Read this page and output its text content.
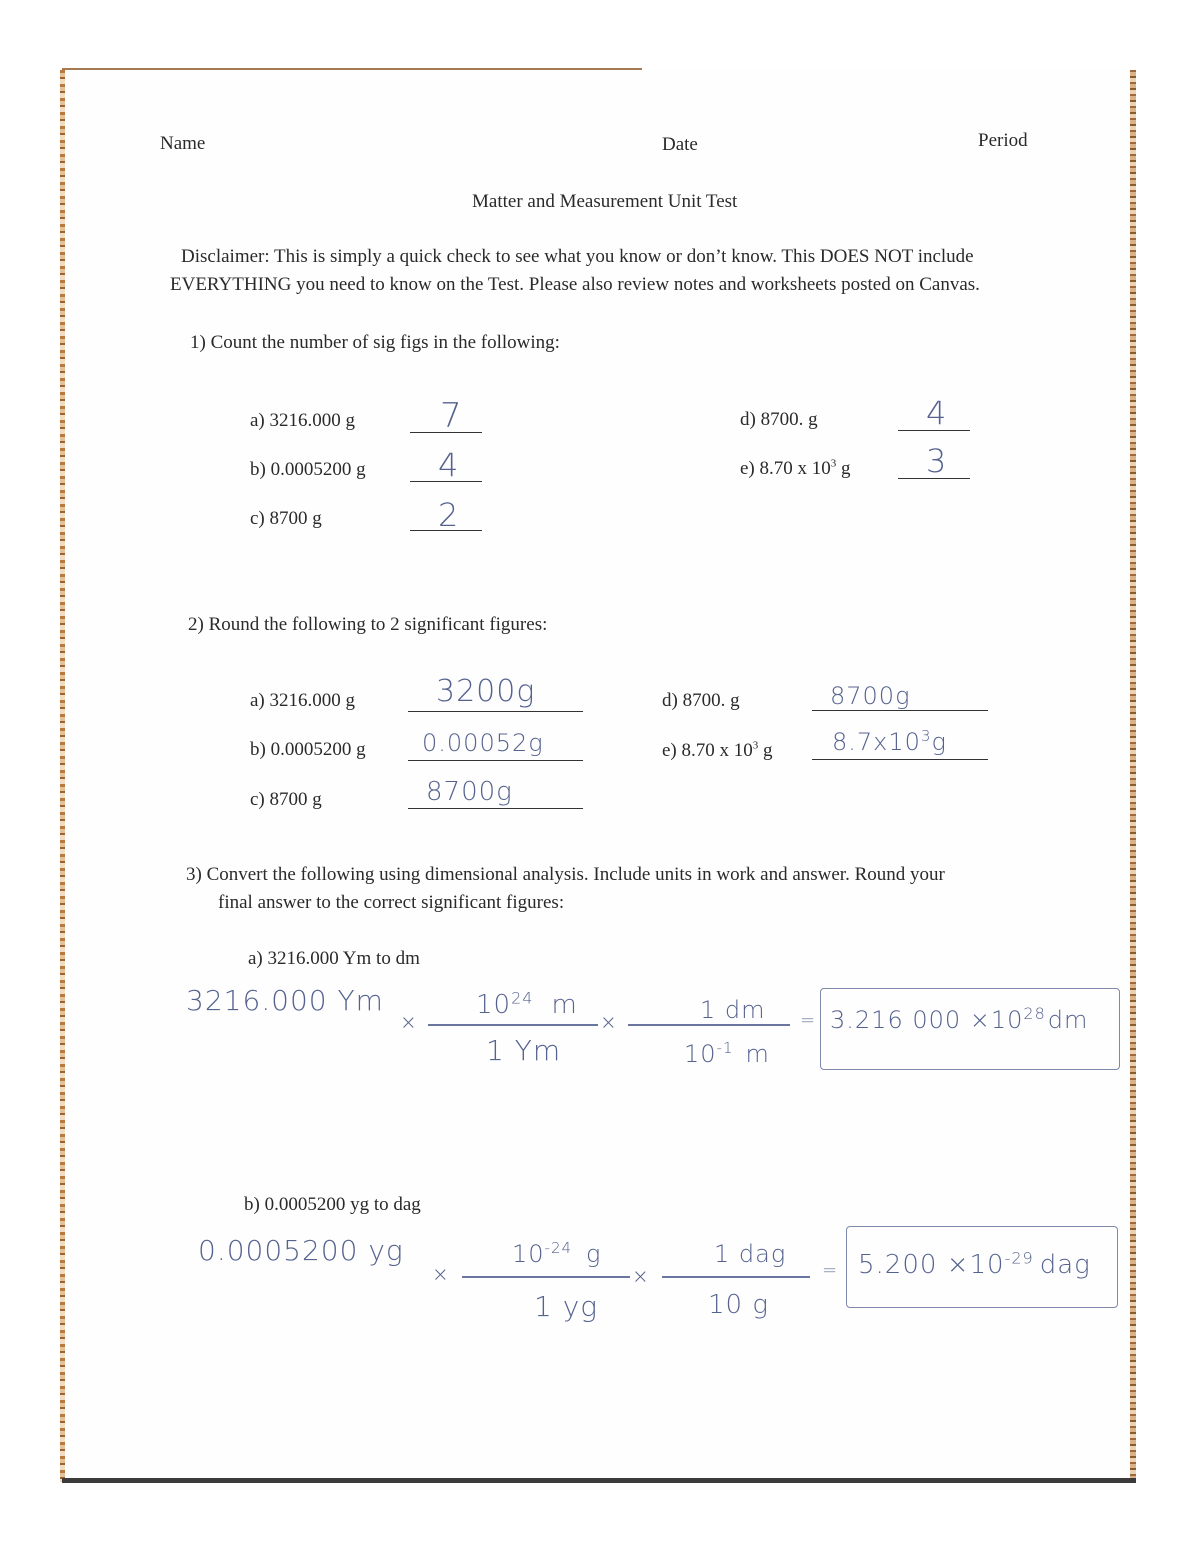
Name	Date	Period
Matter and Measurement Unit Test
Disclaimer: This is simply a quick check to see what you know or don’t know. This DOES NOT include
EVERYTHING you need to know on the Test. Please also review notes and worksheets posted on Canvas.
1) Count the number of sig figs in the following:
a) 3216.000 g 7
b) 0.0005200 g 4
c) 8700 g	2
d) 8700. g	4
e) 8.70 x $10^3$ g 3
2) Round the following to 2 significant figures:
a) 3216.000 g	3200g
b) 0.0005200 g 0.00052g
c) 8700 g	8700g
d) 8700. g	8700g
e) 8.70 x $10^3$ g $8.7x10^3g$
3) Convert the following using dimensional analysis. Include units in work and answer. Round your
final answer to the correct significant figures:
a) 3216.000 Ym to dm
3216.000 Ym
×
$10^{24}$ m
1 Ym
×	1 dm
$10^{-1}$ m
= 3.216 $000 \times 10^{28}dm$
b) 0.0005200 yg to dag
0.0005200 yg
×
$10^{-24}$ g
1 yg
×
1 dag
10 g
= $5.200 \times 10^{-29}$ dag
